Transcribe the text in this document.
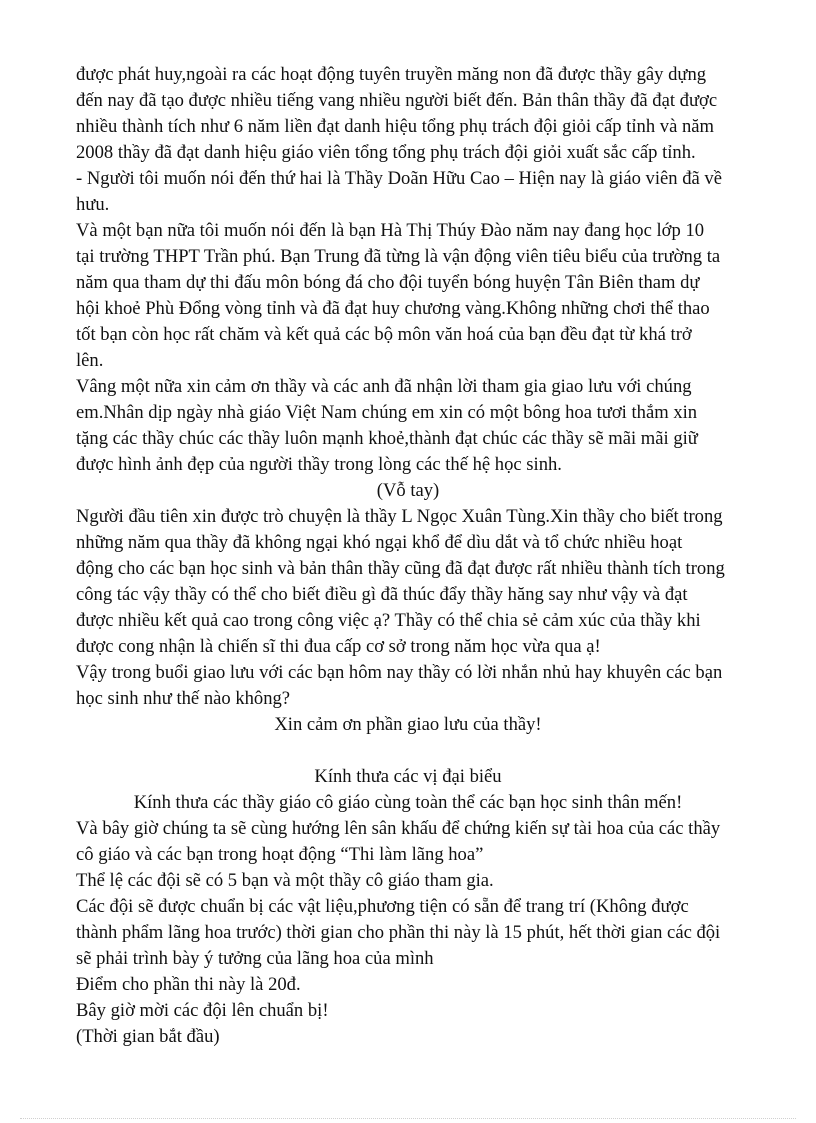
được phát huy,ngoài ra các hoạt động tuyên truyền măng non đã được thầy gây dựng
đến nay đã tạo được nhiều tiếng vang nhiều người biết đến. Bản thân thầy đã đạt được
nhiều thành tích như 6 năm liền đạt danh hiệu tổng phụ trách đội giỏi cấp tỉnh và năm
2008 thầy đã đạt danh hiệu giáo viên tổng tổng phụ trách đội giỏi xuất sắc cấp tỉnh.
- Người tôi muốn nói đến thứ hai là Thầy Doãn Hữu Cao – Hiện nay là giáo viên đã về
hưu.
Và một bạn nữa tôi muốn nói đến là bạn Hà Thị Thúy Đào năm nay đang học lớp 10
tại trường THPT Trần phú. Bạn Trung đã từng là vận động viên tiêu biểu của trường ta
năm qua tham dự thi đấu môn bóng đá cho đội tuyển bóng huyện Tân Biên tham dự
hội khoẻ Phù Đổng vòng tỉnh và đã đạt huy chương vàng.Không những chơi thể thao
tốt bạn còn học rất chăm và kết quả các bộ môn văn hoá của bạn đều đạt từ khá trở
lên.
Vâng một nữa xin cảm ơn thầy và các anh đã nhận lời tham gia giao lưu với chúng
em.Nhân dịp ngày nhà giáo Việt Nam chúng em xin có một bông hoa tươi thắm xin
tặng các thầy chúc các thầy luôn mạnh khoẻ,thành đạt chúc các thầy sẽ mãi mãi giữ
được hình ảnh đẹp của người thầy trong lòng các thế hệ học sinh.
(Vỗ tay)
Người đầu tiên xin được trò chuyện là thầy L Ngọc Xuân Tùng.Xin thầy cho biết trong
những năm qua thầy đã không ngại khó ngại khổ để dìu dắt và tổ chức nhiều hoạt
động cho các bạn học sinh và bản thân thầy cũng đã đạt được rất nhiều thành tích trong
công tác vậy thầy có thể cho biết điều gì đã thúc đẩy thầy hăng say như vậy và đạt
được nhiều kết quả cao trong công việc ạ? Thầy có thể chia sẻ cảm xúc của thầy khi
được cong nhận là chiến sĩ thi đua cấp cơ sở trong năm học vừa qua ạ!
Vậy trong buổi giao lưu với các bạn hôm nay thầy có lời nhắn nhủ hay khuyên các bạn
học sinh như thế nào không?
Xin cảm ơn phần giao lưu của thầy!
Kính thưa các vị đại biểu
Kính thưa các thầy giáo cô giáo cùng toàn thể các bạn học sinh thân mến!
Và bây giờ chúng ta sẽ cùng hướng lên sân khấu để chứng kiến sự tài hoa của các thầy
cô giáo và các bạn trong hoạt động “Thi làm lãng hoa”
Thể lệ các đội sẽ có 5 bạn và một thầy cô giáo tham gia.
Các đội sẽ được chuẩn bị các vật liệu,phương tiện có sẵn để trang trí (Không được
thành phẩm lãng hoa trước) thời gian cho phần thi này là 15 phút, hết thời gian các đội
sẽ phải trình bày ý tưởng của lãng hoa của mình
Điểm cho phần thi này là 20đ.
Bây giờ mời các đội lên chuẩn bị!
(Thời gian bắt đầu)
